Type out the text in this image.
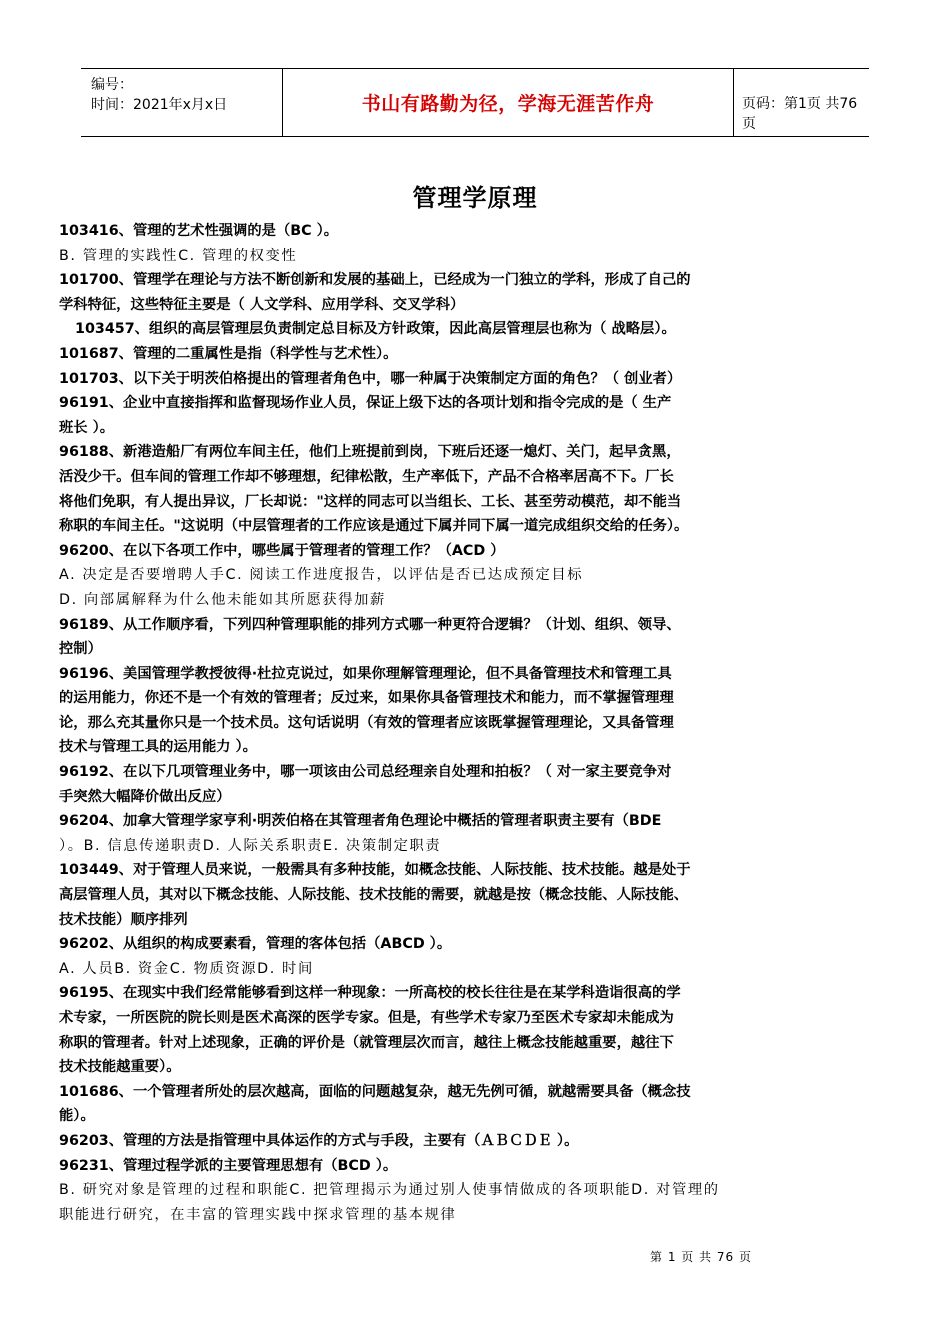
编号：
时间：2021年x月x日	书山有路勤为径，学海无涯苦作舟	页码：第1页 共76页
管理学原理
103416、管理的艺术性强调的是（BC ）。
B. 管理的实践性C. 管理的权变性
101700、管理学在理论与方法不断创新和发展的基础上，已经成为一门独立的学科，形成了自己的
学科特征，这些特征主要是（ 人文学科、应用学科、交叉学科）
103457、组织的高层管理层负责制定总目标及方针政策，因此高层管理层也称为（ 战略层）。
101687、管理的二重属性是指（科学性与艺术性）。
101703、以下关于明茨伯格提出的管理者角色中，哪一种属于决策制定方面的角色？（ 创业者）
96191、企业中直接指挥和监督现场作业人员，保证上级下达的各项计划和指令完成的是（ 生产
班长 ）。
96188、新港造船厂有两位车间主任，他们上班提前到岗，下班后还逐一熄灯、关门，起早贪黑，
活没少干。但车间的管理工作却不够理想，纪律松散，生产率低下，产品不合格率居高不下。厂长
将他们免职，有人提出异议，厂长却说："这样的同志可以当组长、工长、甚至劳动模范，却不能当
称职的车间主任。"这说明（中层管理者的工作应该是通过下属并同下属一道完成组织交给的任务）。
96200、在以下各项工作中，哪些属于管理者的管理工作？（ACD ）
A. 决定是否要增聘人手C. 阅读工作进度报告，以评估是否已达成预定目标
D. 向部属解释为什么他未能如其所愿获得加薪
96189、从工作顺序看，下列四种管理职能的排列方式哪一种更符合逻辑？（计划、组织、领导、
控制）
96196、美国管理学教授彼得·杜拉克说过，如果你理解管理理论，但不具备管理技术和管理工具
的运用能力，你还不是一个有效的管理者；反过来，如果你具备管理技术和能力，而不掌握管理理
论，那么充其量你只是一个技术员。这句话说明（有效的管理者应该既掌握管理理论，又具备管理
技术与管理工具的运用能力 ）。
96192、在以下几项管理业务中，哪一项该由公司总经理亲自处理和拍板？（ 对一家主要竞争对
手突然大幅降价做出反应）
96204、加拿大管理学家亨利·明茨伯格在其管理者角色理论中概括的管理者职责主要有（BDE
）。B. 信息传递职责D. 人际关系职责E. 决策制定职责
103449、对于管理人员来说，一般需具有多种技能，如概念技能、人际技能、技术技能。越是处于
高层管理人员，其对以下概念技能、人际技能、技术技能的需要，就越是按（概念技能、人际技能、
技术技能）顺序排列
96202、从组织的构成要素看，管理的客体包括（ABCD ）。
A. 人员B. 资金C. 物质资源D. 时间
96195、在现实中我们经常能够看到这样一种现象：一所高校的校长往往是在某学科造诣很高的学
术专家，一所医院的院长则是医术高深的医学专家。但是，有些学术专家乃至医术专家却未能成为
称职的管理者。针对上述现象，正确的评价是（就管理层次而言，越往上概念技能越重要，越往下
技术技能越重要）。
101686、一个管理者所处的层次越高，面临的问题越复杂，越无先例可循，就越需要具备（概念技
能）。
96203、管理的方法是指管理中具体运作的方式与手段，主要有（ＡＢＣＤＥ ）。
96231、管理过程学派的主要管理思想有（BCD ）。
B. 研究对象是管理的过程和职能C. 把管理揭示为通过别人使事情做成的各项职能D. 对管理的
职能进行研究，在丰富的管理实践中探求管理的基本规律
第 1 页 共 76 页
